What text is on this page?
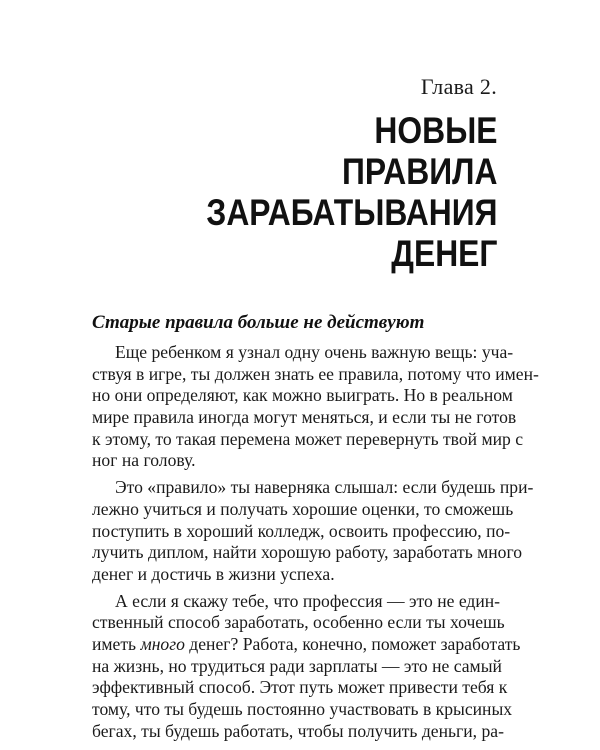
Глава 2.
НОВЫЕ
ПРАВИЛА
ЗАРАБАТЫВАНИЯ
ДЕНЕГ
Старые правила больше не действуют
Еще ребенком я узнал одну очень важную вещь: уча-
ствуя в игре, ты должен знать ее правила, потому что имен-
но они определяют, как можно выиграть. Но в реальном
мире правила иногда могут меняться, и если ты не готов
к этому, то такая перемена может перевернуть твой мир с
ног на голову.
Это «правило» ты наверняка слышал: если будешь при-
лежно учиться и получать хорошие оценки, то сможешь
поступить в хороший колледж, освоить профессию, по-
лучить диплом, найти хорошую работу, заработать много
денег и достичь в жизни успеха.
А если я скажу тебе, что профессия — это не един-
ственный способ заработать, особенно если ты хочешь
иметь много денег? Работа, конечно, поможет заработать
на жизнь, но трудиться ради зарплаты — это не самый
эффективный способ. Этот путь может привести тебя к
тому, что ты будешь постоянно участвовать в крысиных
бегах, ты будешь работать, чтобы получить деньги, ра-
